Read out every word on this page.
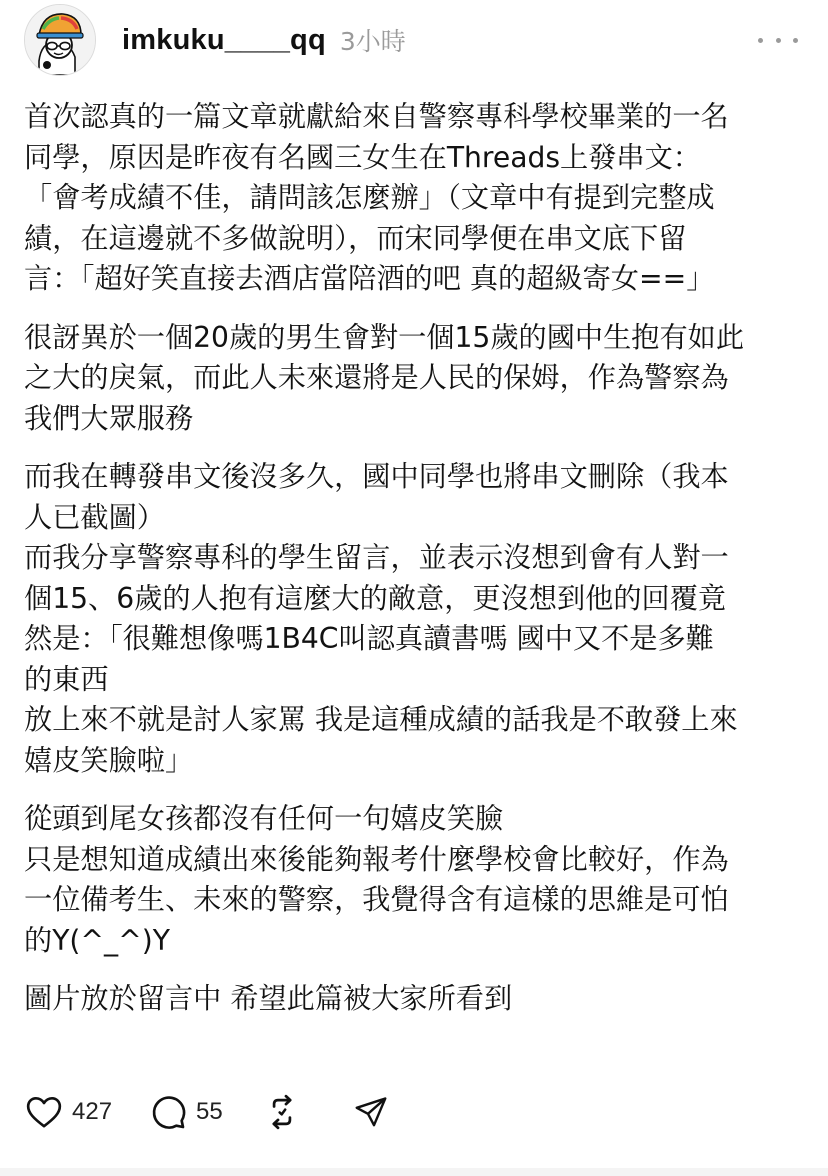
imkuku____qq 3小時

首次認真的一篇文章就獻給來自警察專科學校畢業的一名
同學，原因是昨夜有名國三女生在Threads上發串文：
「會考成績不佳，請問該怎麼辦」（文章中有提到完整成
績，在這邊就不多做說明），而宋同學便在串文底下留
言：「超好笑直接去酒店當陪酒的吧 真的超級寄女==」

很訝異於一個20歲的男生會對一個15歲的國中生抱有如此
之大的戾氣，而此人未來還將是人民的保姆，作為警察為
我們大眾服務

而我在轉發串文後沒多久，國中同學也將串文刪除（我本
人已截圖）
而我分享警察專科的學生留言，並表示沒想到會有人對一
個15、6歲的人抱有這麼大的敵意，更沒想到他的回覆竟
然是：「很難想像嗎1B4C叫認真讀書嗎 國中又不是多難
的東西
放上來不就是討人家罵 我是這種成績的話我是不敢發上來
嬉皮笑臉啦」

從頭到尾女孩都沒有任何一句嬉皮笑臉
只是想知道成績出來後能夠報考什麼學校會比較好，作為
一位備考生、未來的警察，我覺得含有這樣的思維是可怕
的Y(^_^)Y

圖片放於留言中 希望此篇被大家所看到

427	55
